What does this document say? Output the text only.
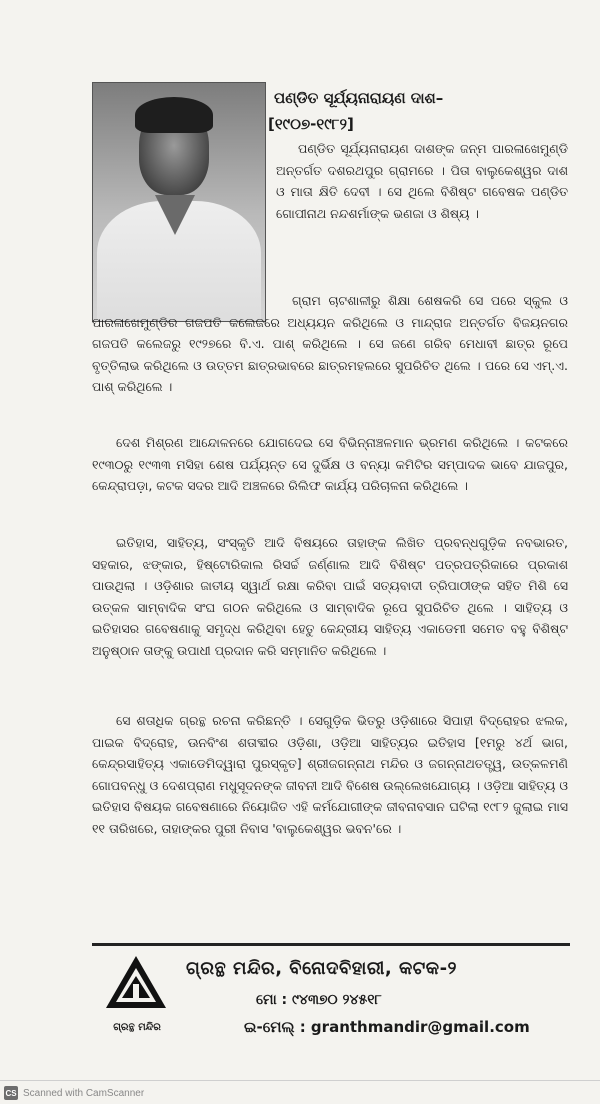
ପଣ୍ଡିତ ସୂର୍ଯ୍ୟନାରାୟଣ ଦାଶ–
[୧୯୦୭-୧୯୮୨]

ପଣ୍ଡିତ ସୂର୍ଯ୍ୟନାରାୟଣ ଦାଶଙ୍କ ଜନ୍ମ ପାରଳାଖେମୁଣ୍ଡି ଅନ୍ତର୍ଗତ ଦଶରଥପୁର ଗ୍ରାମରେ । ପିତା ବାଲୁକେଶ୍ୱର ଦାଶ ଓ ମାତା କ୍ଷିତି ଦେବୀ । ସେ ଥିଲେ ବିଶିଷ୍ଟ ଗବେଷକ ପଣ୍ଡିତ ଗୋପୀନାଥ ନନ୍ଦଶର୍ମାଙ୍କ ଭଣଜା ଓ ଶିଷ୍ୟ ।

ଗ୍ରାମ ଚାଟଶାଳୀରୁ ଶିକ୍ଷା ଶେଷକରି ସେ ପରେ ସ୍କୁଲ ଓ ପାରଳାଖେମୁଣ୍ଡିର ଗଜପତି କଲେଜରେ ଅଧ୍ୟୟନ କରିଥିଲେ ଓ ମାନ୍ଦ୍ରାଜ ଅନ୍ତର୍ଗତ ବିଜୟନଗର ଗଜପତି କଲେଜରୁ ୧୯୨୭ରେ ବି.ଏ. ପାଶ୍ କରିଥିଲେ । ସେ ଜଣେ ଗରିବ ମେଧାବୀ ଛାତ୍ର ରୂପେ ବୃତ୍ତିଲାଭ କରିଥିଲେ ଓ ଉତ୍ତମ ଛାତ୍ରଭାବରେ ଛାତ୍ରମହଲରେ ସୁପରିଚିତ ଥିଲେ । ପରେ ସେ ଏମ୍.ଏ. ପାଶ୍ କରିଥିଲେ ।

ଦେଶ ମିଶ୍ରଣ ଆନ୍ଦୋଳନରେ ଯୋଗଦେଇ ସେ ବିଭିନ୍ନାଞ୍ଚଳମାନ ଭ୍ରମଣ କରିଥିଲେ । କଟକରେ ୧୯୩୦ରୁ ୧୯୩୩ ମସିହା ଶେଷ ପର୍ଯ୍ୟନ୍ତ ସେ ଦୁର୍ଭିକ୍ଷ ଓ ବନ୍ୟା କମିଟିର ସମ୍ପାଦକ ଭାବେ ଯାଜପୁର, କେନ୍ଦ୍ରାପଡ଼ା, କଟକ ସଦର ଆଦି ଅଞ୍ଚଳରେ ରିଲିଫ କାର୍ଯ୍ୟ ପରିଚାଳନା କରିଥିଲେ ।

ଇତିହାସ, ସାହିତ୍ୟ, ସଂସ୍କୃତି ଆଦି ବିଷୟରେ ତାହାଙ୍କ ଲିଖିତ ପ୍ରବନ୍ଧଗୁଡ଼ିକ ନବଭାରତ, ସହକାର, ଝଙ୍କାର, ହିଷ୍ଟୋରିକାଲ ରିସର୍ଚ୍ଚ ଜର୍ଣ୍ଣାଲ ଆଦି ବିଶିଷ୍ଟ ପତ୍ରପତ୍ରିକାରେ ପ୍ରକାଶ ପାଉଥିଲା । ଓଡ଼ିଶାର ଜାତୀୟ ସ୍ୱାର୍ଥ ରକ୍ଷା କରିବା ପାଇଁ ସତ୍ୟବାଦୀ ତ୍ରିପାଠୀଙ୍କ ସହିତ ମିଶି ସେ ଉତ୍କଳ ସାମ୍ବାଦିକ ସଂଘ ଗଠନ କରିଥିଲେ ଓ ସାମ୍ବାଦିକ ରୂପେ ସୁପରିଚିତ ଥିଲେ । ସାହିତ୍ୟ ଓ ଇତିହାସର ଗବେଷଣାକୁ ସମୃଦ୍ଧ କରିଥିବା ହେତୁ କେନ୍ଦ୍ରୀୟ ସାହିତ୍ୟ ଏକାଡେମୀ ସମେତ ବହୁ ବିଶିଷ୍ଟ ଅନୁଷ୍ଠାନ ତାଙ୍କୁ ଉପାଧୀ ପ୍ରଦାନ କରି ସମ୍ମାନିତ କରିଥିଲେ ।

ସେ ଶତାଧିକ ଗ୍ରନ୍ଥ ରଚନା କରିଛନ୍ତି । ସେଗୁଡ଼ିକ ଭିତରୁ ଓଡ଼ିଶାରେ ସିପାହୀ ବିଦ୍ରୋହର ଝଲକ, ପାଇକ ବିଦ୍ରୋହ, ଊନବିଂଶ ଶତାବ୍ଦୀର ଓଡ଼ିଶା, ଓଡ଼ିଆ ସାହିତ୍ୟର ଇତିହାସ [୧ମରୁ ୪ର୍ଥ ଭାଗ, କେନ୍ଦ୍ରସାହିତ୍ୟ ଏକାଡେମିଦ୍ୱାରା ପୁରସ୍କୃତ] ଶ୍ରୀଜଗନ୍ନାଥ ମନ୍ଦିର ଓ ଜଗନ୍ନାଥତତ୍ତ୍ୱ, ଉତ୍କଳମଣି ଗୋପବନ୍ଧୁ ଓ ଦେଶପ୍ରାଣ ମଧୁସୂଦନଙ୍କ ଜୀବନୀ ଆଦି ବିଶେଷ ଉଲ୍ଲେଖଯୋଗ୍ୟ । ଓଡ଼ିଆ ସାହିତ୍ୟ ଓ ଇତିହାସ ବିଷୟକ ଗବେଷଣାରେ ନିୟୋଜିତ ଏହି କର୍ମଯୋଗୀଙ୍କ ଜୀବନାବସାନ ଘଟିଲା ୧୯୮୨ ଜୁଲାଇ ମାସ ୧୧ ତାରିଖରେ, ତାହାଙ୍କର ପୁରୀ ନିବାସ 'ବାଲୁକେଶ୍ୱର ଭବନ'ରେ ।

ଗ୍ରନ୍ଥ ମନ୍ଦିର
ଗ୍ରନ୍ଥ ମନ୍ଦିର, ବିନୋଦବିହାରୀ, କଟକ-୨
ମୋ : ୯୪୩୭୦ ୨୪୫୧୮
ଇ-ମେଲ୍ : granthmandir@gmail.com
CS Scanned with CamScanner
